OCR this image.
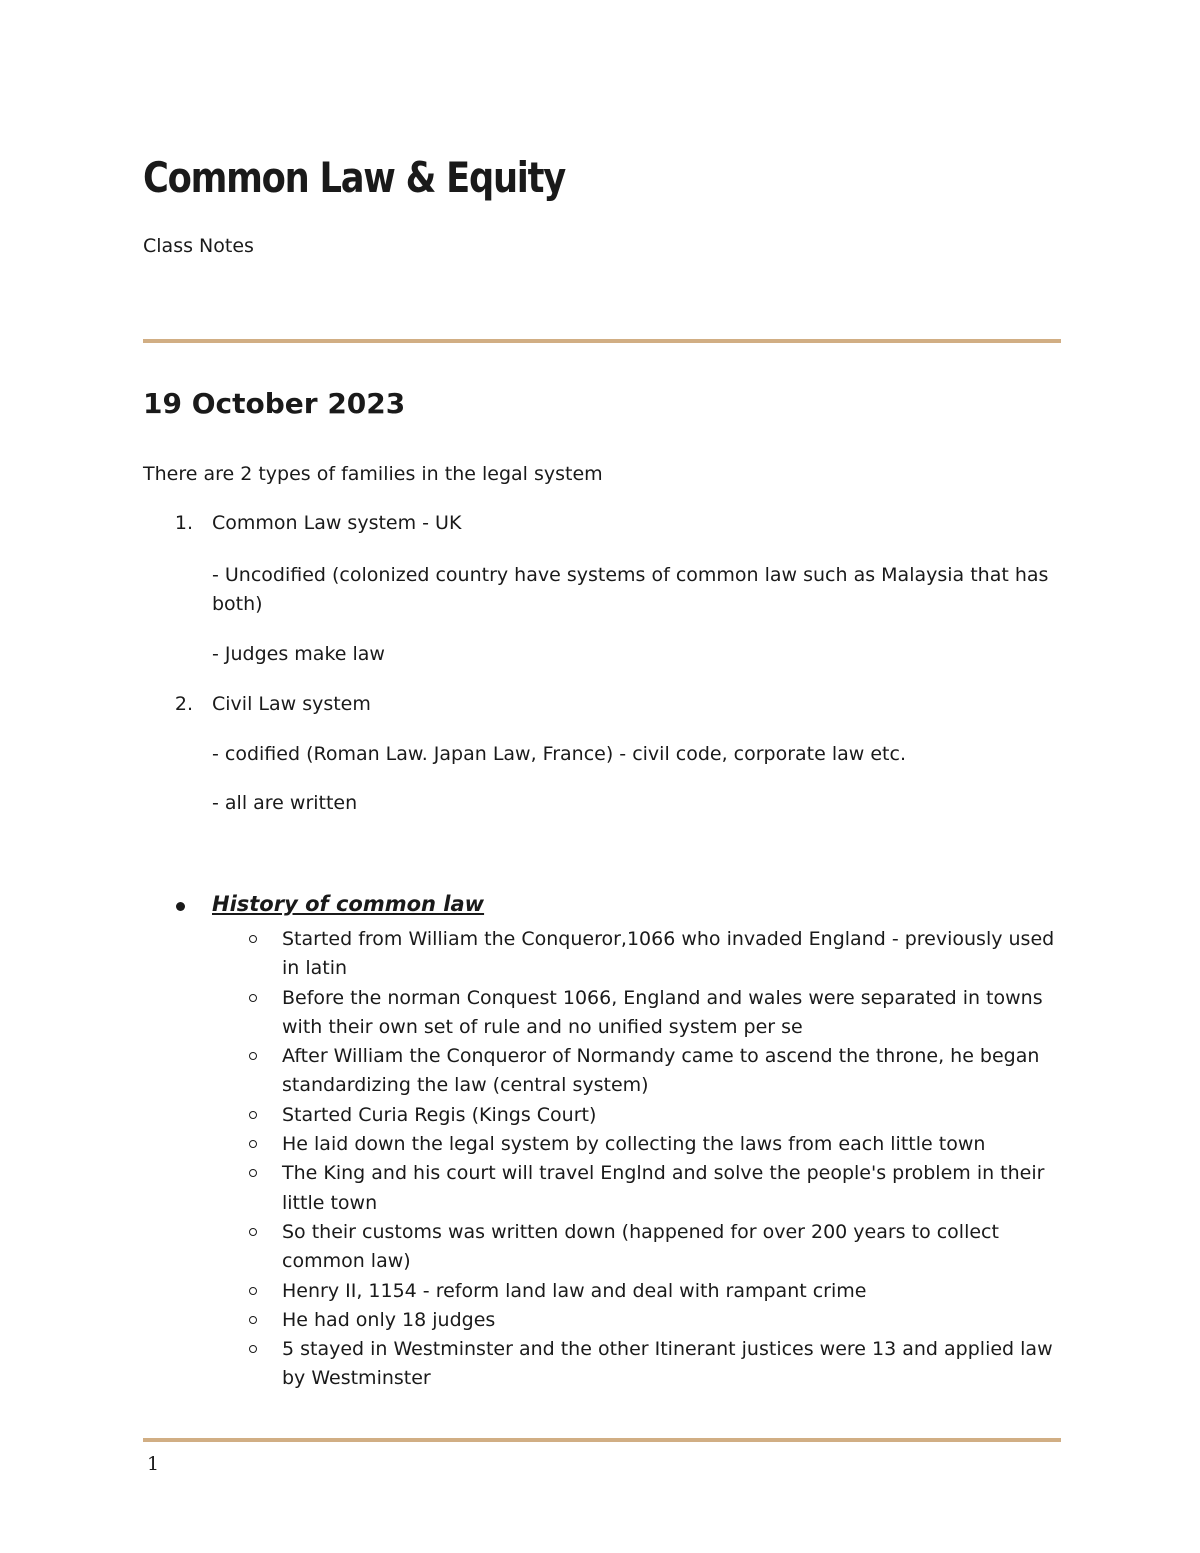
Common Law & Equity

Class Notes

19 October 2023

There are 2 types of families in the legal system

1. Common Law system - UK

- Uncodified (colonized country have systems of common law such as Malaysia that has both)

- Judges make law

2. Civil Law system

- codified (Roman Law. Japan Law, France) - civil code, corporate law etc.

- all are written

History of common law

Started from William the Conqueror,1066 who invaded England - previously used in latin
Before the norman Conquest 1066, England and wales were separated in towns with their own set of rule and no unified system per se
After William the Conqueror of Normandy came to ascend the throne, he began standardizing the law (central system)
Started Curia Regis (Kings Court)
He laid down the legal system by collecting the laws from each little town
The King and his court will travel Englnd and solve the people's problem in their little town
So their customs was written down (happened for over 200 years to collect common law)
Henry II, 1154 - reform land law and deal with rampant crime
He had only 18 judges
5 stayed in Westminster and the other Itinerant justices were 13 and applied law by Westminster

1
